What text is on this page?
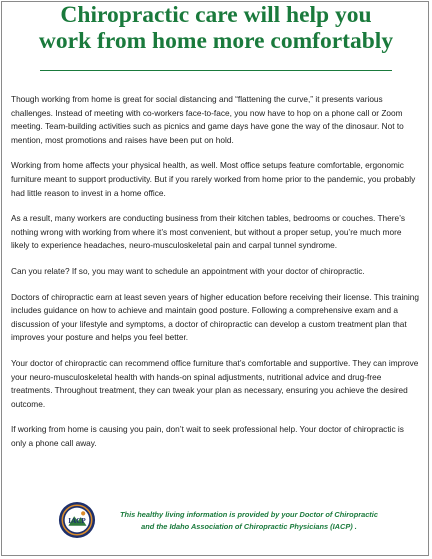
Chiropractic care will help you
work from home more comfortably

Though working from home is great for social distancing and “flattening the curve,” it presents various challenges. Instead of meeting with co-workers face-to-face, you now have to hop on a phone call or Zoom meeting. Team-building activities such as picnics and game days have gone the way of the dinosaur. Not to mention, most promotions and raises have been put on hold.

Working from home affects your physical health, as well. Most office setups feature comfortable, ergonomic furniture meant to support productivity. But if you rarely worked from home prior to the pandemic, you probably had little reason to invest in a home office.

As a result, many workers are conducting business from their kitchen tables, bedrooms or couches. There’s nothing wrong with working from where it’s most convenient, but without a proper setup, you’re much more likely to experience headaches, neuro-musculoskeletal pain and carpal tunnel syndrome.

Can you relate? If so, you may want to schedule an appointment with your doctor of chiropractic.

Doctors of chiropractic earn at least seven years of higher education before receiving their license. This training includes guidance on how to achieve and maintain good posture. Following a comprehensive exam and a discussion of your lifestyle and symptoms, a doctor of chiropractic can develop a custom treatment plan that improves your posture and helps you feel better.

Your doctor of chiropractic can recommend office furniture that’s comfortable and supportive. They can improve your neuro-musculoskeletal health with hands-on spinal adjustments, nutritional advice and drug-free treatments. Throughout treatment, they can tweak your plan as necessary, ensuring you achieve the desired outcome.

If working from home is causing you pain, don’t wait to seek professional help. Your doctor of chiropractic is only a phone call away.

IACP
This healthy living information is provided by your Doctor of Chiropractic
and the Idaho Association of Chiropractic Physicians (IACP) .
